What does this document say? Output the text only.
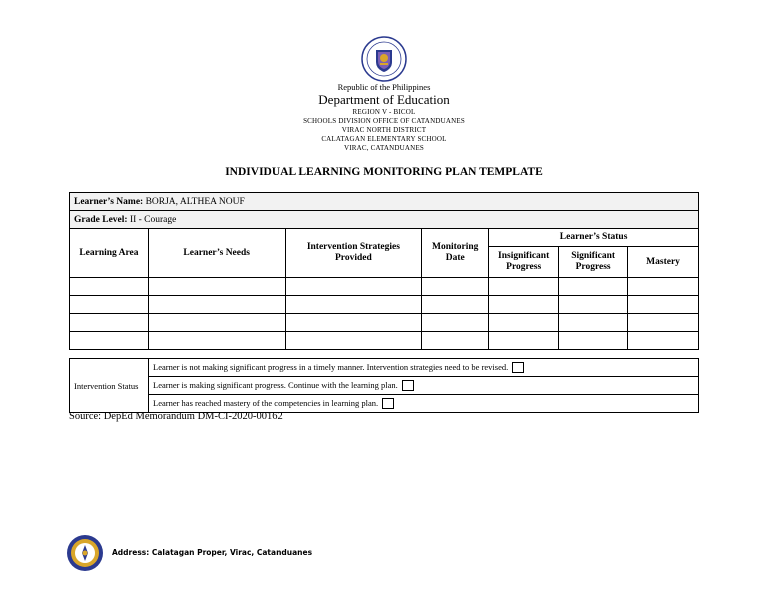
Republic of the Philippines
Department of Education
REGION V - BICOL
SCHOOLS DIVISION OFFICE OF CATANDUANES
VIRAC NORTH DISTRICT
CALATAGAN ELEMENTARY SCHOOL
VIRAC, CATANDUANES
INDIVIDUAL LEARNING MONITORING PLAN TEMPLATE
Learner’s Name: BORJA, ALTHEA NOUF						
Grade Level: II - Courage						
Learning Area	Learner’s Needs	Intervention Strategies Provided	Monitoring Date	Learner’s Status		
				Insignificant Progress	Significant Progress	Mastery

Intervention Status	Learner is not making significant progress in a timely manner. Intervention strategies need to be revised.
Learner is making significant progress. Continue with the learning plan.
Learner has reached mastery of the competencies in learning plan.
Source: DepEd Memorandum DM-CI-2020-00162
Address: Calatagan Proper, Virac, Catanduanes
